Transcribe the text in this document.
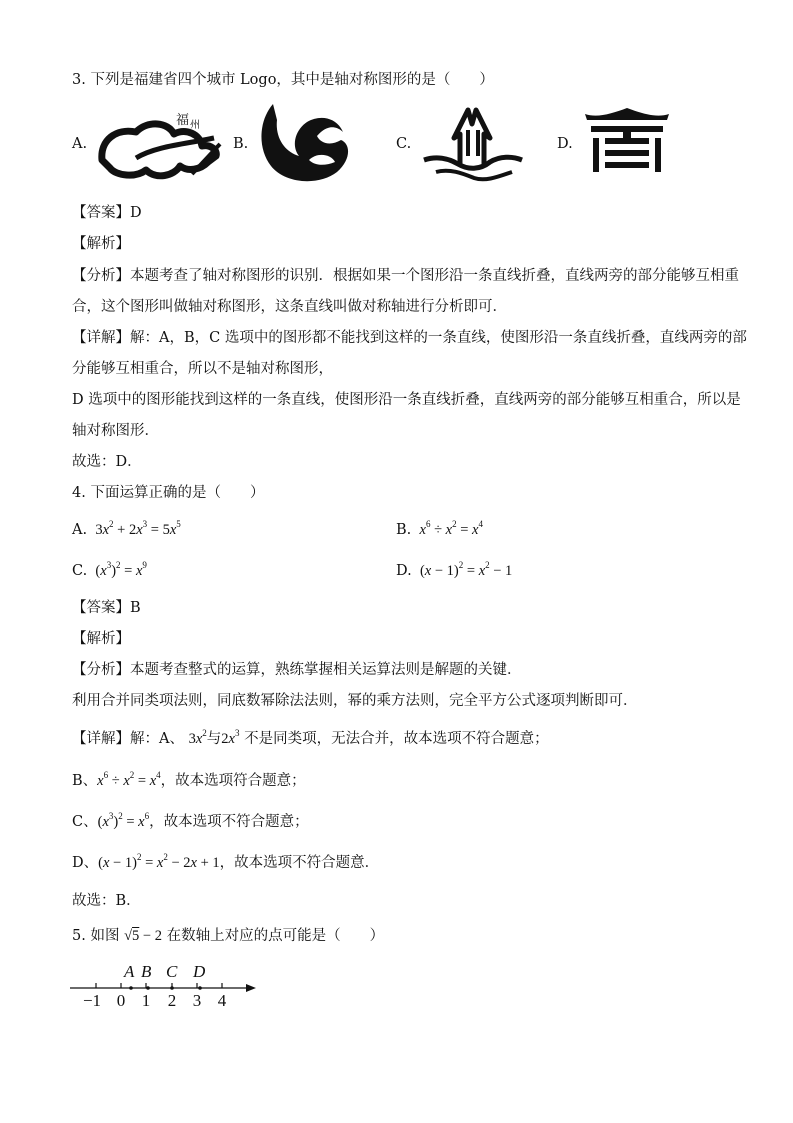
3. 下列是福建省四个城市 Logo，其中是轴对称图形的是（　　）
A.
福 州
B.	C.	D.
【答案】D
【解析】
【分析】本题考查了轴对称图形的识别．根据如果一个图形沿一条直线折叠，直线两旁的部分能够互相重
合，这个图形叫做轴对称图形，这条直线叫做对称轴进行分析即可．
【详解】解：A，B，C 选项中的图形都不能找到这样的一条直线，使图形沿一条直线折叠，直线两旁的部
分能够互相重合，所以不是轴对称图形，
D 选项中的图形能找到这样的一条直线，使图形沿一条直线折叠，直线两旁的部分能够互相重合，所以是
轴对称图形．
故选：D．
4. 下面运算正确的是（　　）
A. $3x^2 + 2x^3 = 5x^5$	B.  $x^6 \div x^2 = x^4$
C. $(x^3)^2 = x^9$	D. $(x - 1)^2 = x^2 - 1$
【答案】B
【解析】
【分析】本题考查整式的运算，熟练掌握相关运算法则是解题的关键．
利用合并同类项法则，同底数幂除法法则，幂的乘方法则，完全平方公式逐项判断即可．
【详解】解：A、 $3x^2$与$2x^3$ 不是同类项，无法合并，故本选项不符合题意；
B、$x^6 \div x^2 = x^4$，故本选项符合题意；
C、$(x^3)^2 = x^6$，故本选项不符合题意；
D、$(x - 1)^2 = x^2 - 2x + 1$，故本选项不符合题意．
故选：B．
5. 如图 √5 − 2 在数轴上对应的点可能是（　　）
A B C D
−1 0 1 2 3 4
